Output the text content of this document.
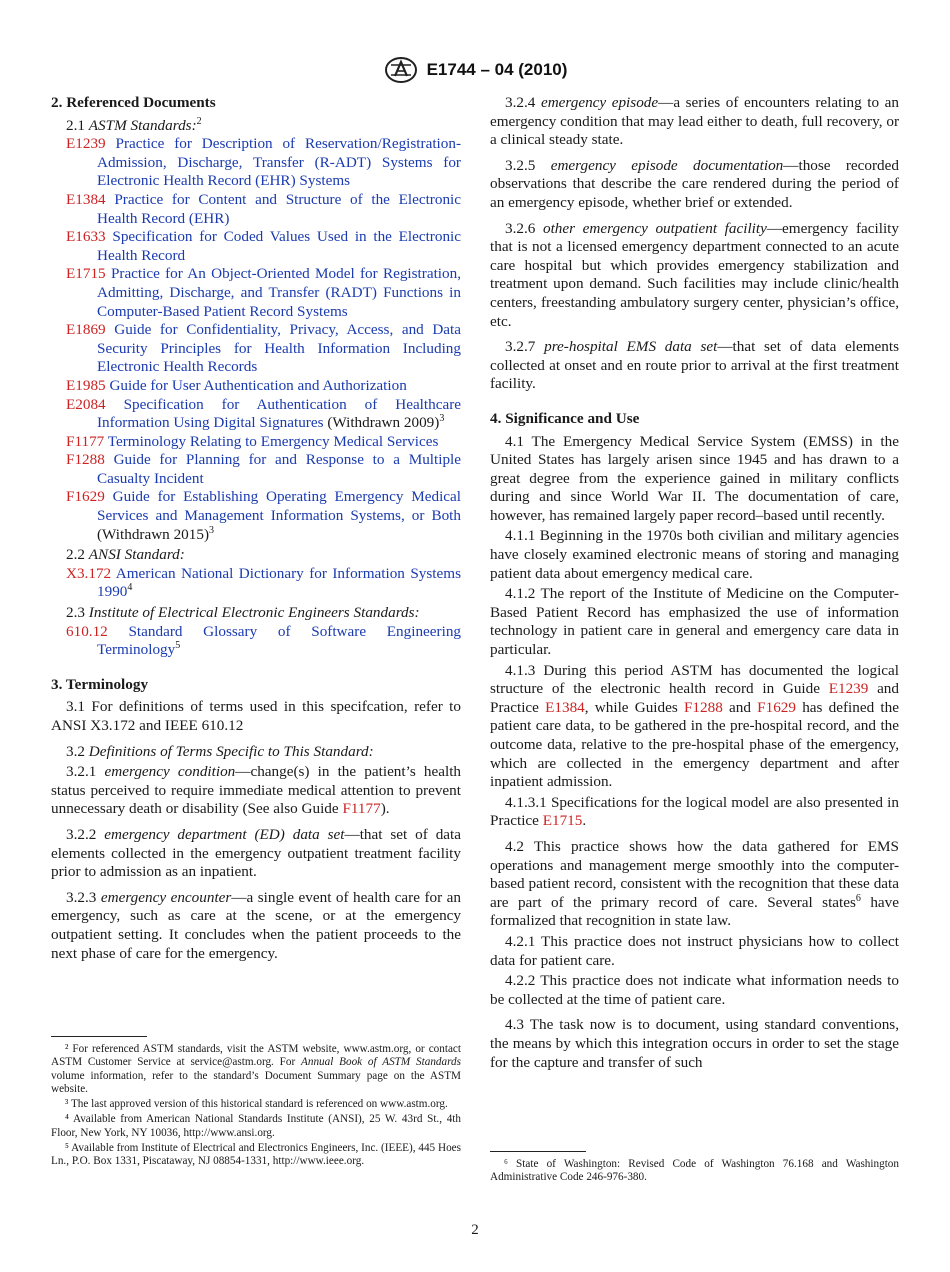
E1744 – 04 (2010)
2. Referenced Documents

2.1 ASTM Standards:$^2$

E1239 Practice for Description of Reservation/Registration-Admission, Discharge, Transfer (R-ADT) Systems for Electronic Health Record (EHR) Systems

E1384 Practice for Content and Structure of the Electronic Health Record (EHR)

E1633 Specification for Coded Values Used in the Electronic Health Record

E1715 Practice for An Object-Oriented Model for Registration, Admitting, Discharge, and Transfer (RADT) Functions in Computer-Based Patient Record Systems

E1869 Guide for Confidentiality, Privacy, Access, and Data Security Principles for Health Information Including Electronic Health Records

E1985 Guide for User Authentication and Authorization

E2084 Specification for Authentication of Healthcare Information Using Digital Signatures (Withdrawn 2009)$^3$

F1177 Terminology Relating to Emergency Medical Services

F1288 Guide for Planning for and Response to a Multiple Casualty Incident

F1629 Guide for Establishing Operating Emergency Medical Services and Management Information Systems, or Both (Withdrawn 2015)$^3$

2.2 ANSI Standard:

X3.172 American National Dictionary for Information Systems 1990$^4$

2.3 Institute of Electrical Electronic Engineers Standards:

610.12 Standard Glossary of Software Engineering Terminology$^5$

3. Terminology

3.1 For definitions of terms used in this specifcation, refer to ANSI X3.172 and IEEE 610.12

3.2 Definitions of Terms Specific to This Standard:

3.2.1 emergency condition—change(s) in the patient’s health status perceived to require immediate medical attention to prevent unnecessary death or disability (See also Guide F1177).

3.2.2 emergency department (ED) data set—that set of data elements collected in the emergency outpatient treatment facility prior to admission as an inpatient.

3.2.3 emergency encounter—a single event of health care for an emergency, such as care at the scene, or at the emergency outpatient setting. It concludes when the patient proceeds to the next phase of care for the emergency.

3.2.4 emergency episode—a series of encounters relating to an emergency condition that may lead either to death, full recovery, or a clinical steady state.

3.2.5 emergency episode documentation—those recorded observations that describe the care rendered during the period of an emergency episode, whether brief or extended.

3.2.6 other emergency outpatient facility—emergency facility that is not a licensed emergency department connected to an acute care hospital but which provides emergency stabilization and treatment upon demand. Such facilities may include clinic/health centers, freestanding ambulatory surgery center, physician’s office, etc.

3.2.7 pre-hospital EMS data set—that set of data elements collected at onset and en route prior to arrival at the first treatment facility.

4. Significance and Use

4.1 The Emergency Medical Service System (EMSS) in the United States has largely arisen since 1945 and has drawn to a great degree from the experience gained in military conflicts during and since World War II. The documentation of care, however, has remained largely paper record–based until recently.

4.1.1 Beginning in the 1970s both civilian and military agencies have closely examined electronic means of storing and managing patient data about emergency medical care.

4.1.2 The report of the Institute of Medicine on the Computer-Based Patient Record has emphasized the use of information technology in patient care in general and emergency care data in particular.

4.1.3 During this period ASTM has documented the logical structure of the electronic health record in Guide E1239 and Practice E1384, while Guides F1288 and F1629 has defined the patient care data, to be gathered in the pre-hospital record, and the outcome data, relative to the pre-hospital phase of the emergency, which are collected in the emergency department and after inpatient admission.

4.1.3.1 Specifications for the logical model are also presented in Practice E1715.

4.2 This practice shows how the data gathered for EMS operations and management merge smoothly into the computer-based patient record, consistent with the recognition that these data are part of the primary record of care. Several states$^6$ have formalized that recognition in state law.

4.2.1 This practice does not instruct physicians how to collect data for patient care.

4.2.2 This practice does not indicate what information needs to be collected at the time of patient care.

4.3 The task now is to document, using standard conventions, the means by which this integration occurs in order to set the stage for the capture and transfer of such

² For referenced ASTM standards, visit the ASTM website, www.astm.org, or contact ASTM Customer Service at service@astm.org. For Annual Book of ASTM Standards volume information, refer to the standard’s Document Summary page on the ASTM website.

³ The last approved version of this historical standard is referenced on www.astm.org.

⁴ Available from American National Standards Institute (ANSI), 25 W. 43rd St., 4th Floor, New York, NY 10036, http://www.ansi.org.

⁵ Available from Institute of Electrical and Electronics Engineers, Inc. (IEEE), 445 Hoes Ln., P.O. Box 1331, Piscataway, NJ 08854-1331, http://www.ieee.org.	⁶ State of Washington: Revised Code of Washington 76.168 and Washington Administrative Code 246-976-380.

2
